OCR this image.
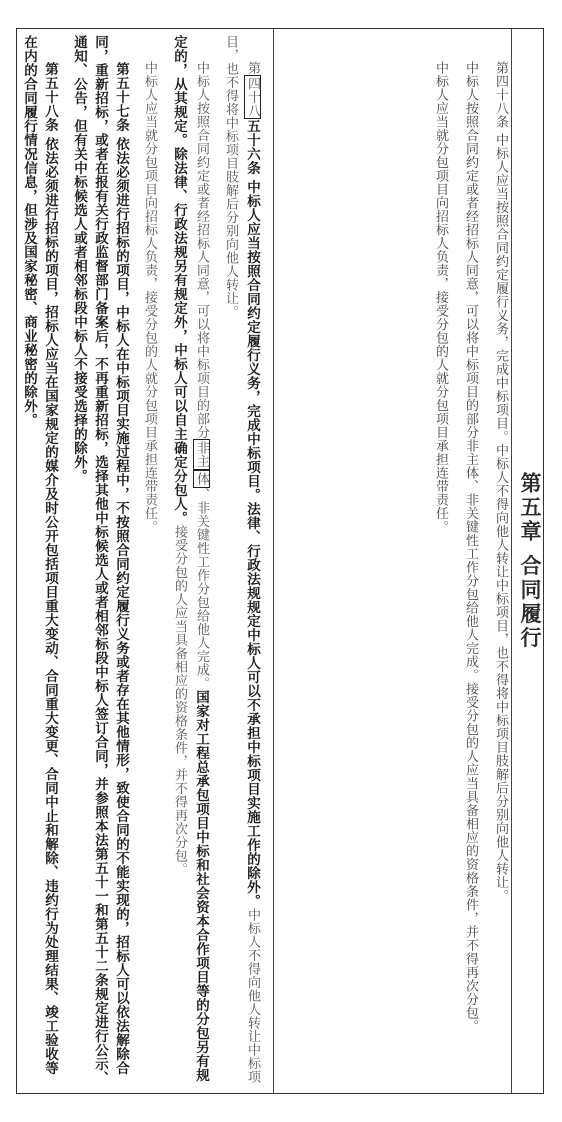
第五章 合同履行

第四十八条 中标人应当按照合同约定履行义务，完成中标项目。中标人不得向他人转让中标项目，也不得将中标项目肢解后分别向他人转让。

中标人按照合同约定或者经招标人同意，可以将中标项目的部分非主体、非关键性工作分包给他人完成。接受分包的人应当具备相应的资格条件，并不得再次分包。

中标人应当就分包项目向招标人负责，接受分包的人就分包项目承担连带责任。

第四十八五十六条 中标人应当按照合同约定履行义务，完成中标项目。法律、行政法规规定中标人可以不承担中标项目实施工作的除外。中标人不得向他人转让中标项目，也不得将中标项目肢解后分别向他人转让。

中标人按照合同约定或者经招标人同意，可以将中标项目的部分非主体、非关键性工作分包给他人完成。国家对工程总承包项目中标和社会资本合作项目等的分包另有规定的，从其规定。除法律、行政法规另有规定外，中标人可以自主确定分包人。接受分包的人应当具备相应的资格条件，并不得再次分包。

中标人应当就分包项目向招标人负责，接受分包的人就分包项目承担连带责任。

第五十七条 依法必须进行招标的项目，中标人在中标项目实施过程中，不按照合同约定履行义务或者存在其他情形，致使合同的不能实现的，招标人可以依法解除合同，重新招标，或者在报有关行政监督部门备案后，不再重新招标，选择其他中标候选人或者相邻标段中标人签订合同，并参照本法第五十一和第五十二条规定进行公示、通知、公告，但有关中标候选人或者相邻标段中标人不接受选择的除外。

第五十八条 依法必须进行招标的项目，招标人应当在国家规定的媒介及时公开包括项目重大变动、合同重大变更、合同中止和解除、违约行为处理结果、竣工验收等在内的合同履行情况信息，但涉及国家秘密、商业秘密的除外。
